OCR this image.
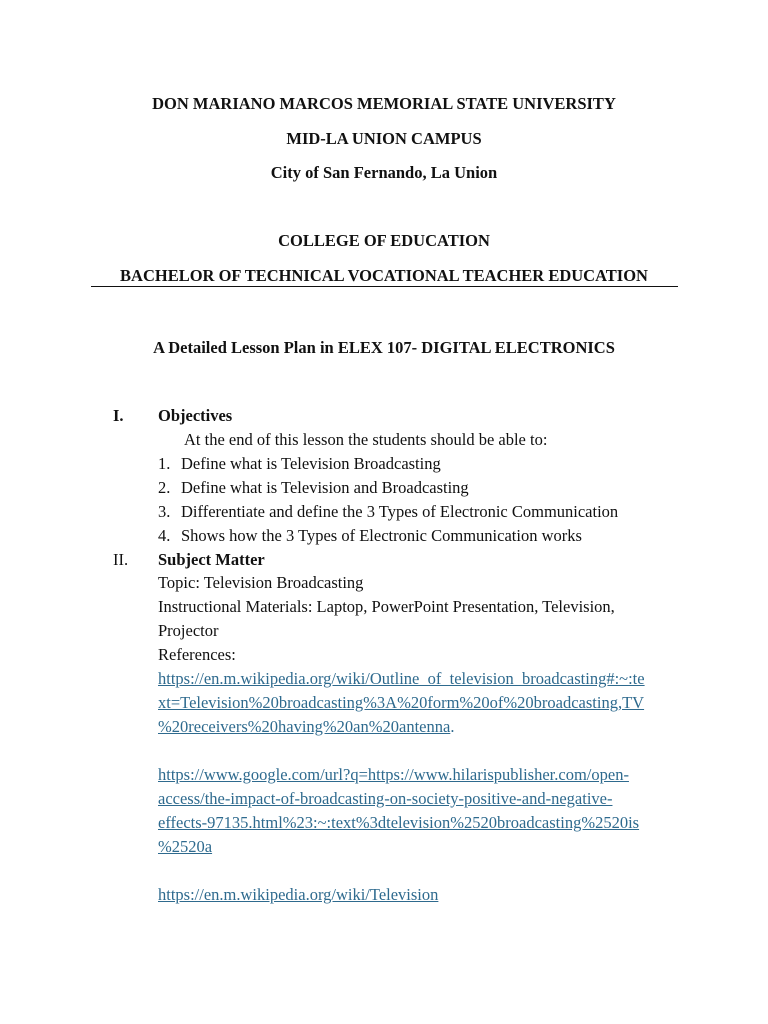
DON MARIANO MARCOS MEMORIAL STATE UNIVERSITY
MID-LA UNION CAMPUS
City of San Fernando, La Union
COLLEGE OF EDUCATION
BACHELOR OF TECHNICAL VOCATIONAL TEACHER EDUCATION
A Detailed Lesson Plan in ELEX 107- DIGITAL ELECTRONICS
I. Objectives
At the end of this lesson the students should be able to:
1. Define what is Television Broadcasting
2. Define what is Television and Broadcasting
3. Differentiate and define the 3 Types of Electronic Communication
4. Shows how the 3 Types of Electronic Communication works
II. Subject Matter
Topic: Television Broadcasting
Instructional Materials: Laptop, PowerPoint Presentation, Television,
Projector
References:
https://en.m.wikipedia.org/wiki/Outline_of_television_broadcasting#:~:te
xt=Television%20broadcasting%3A%20form%20of%20broadcasting,TV
%20receivers%20having%20an%20antenna.
https://www.google.com/url?q=https://www.hilarispublisher.com/open-
access/the-impact-of-broadcasting-on-society-positive-and-negative-
effects-97135.html%23:~:text%3dtelevision%2520broadcasting%2520is
%2520a
https://en.m.wikipedia.org/wiki/Television
